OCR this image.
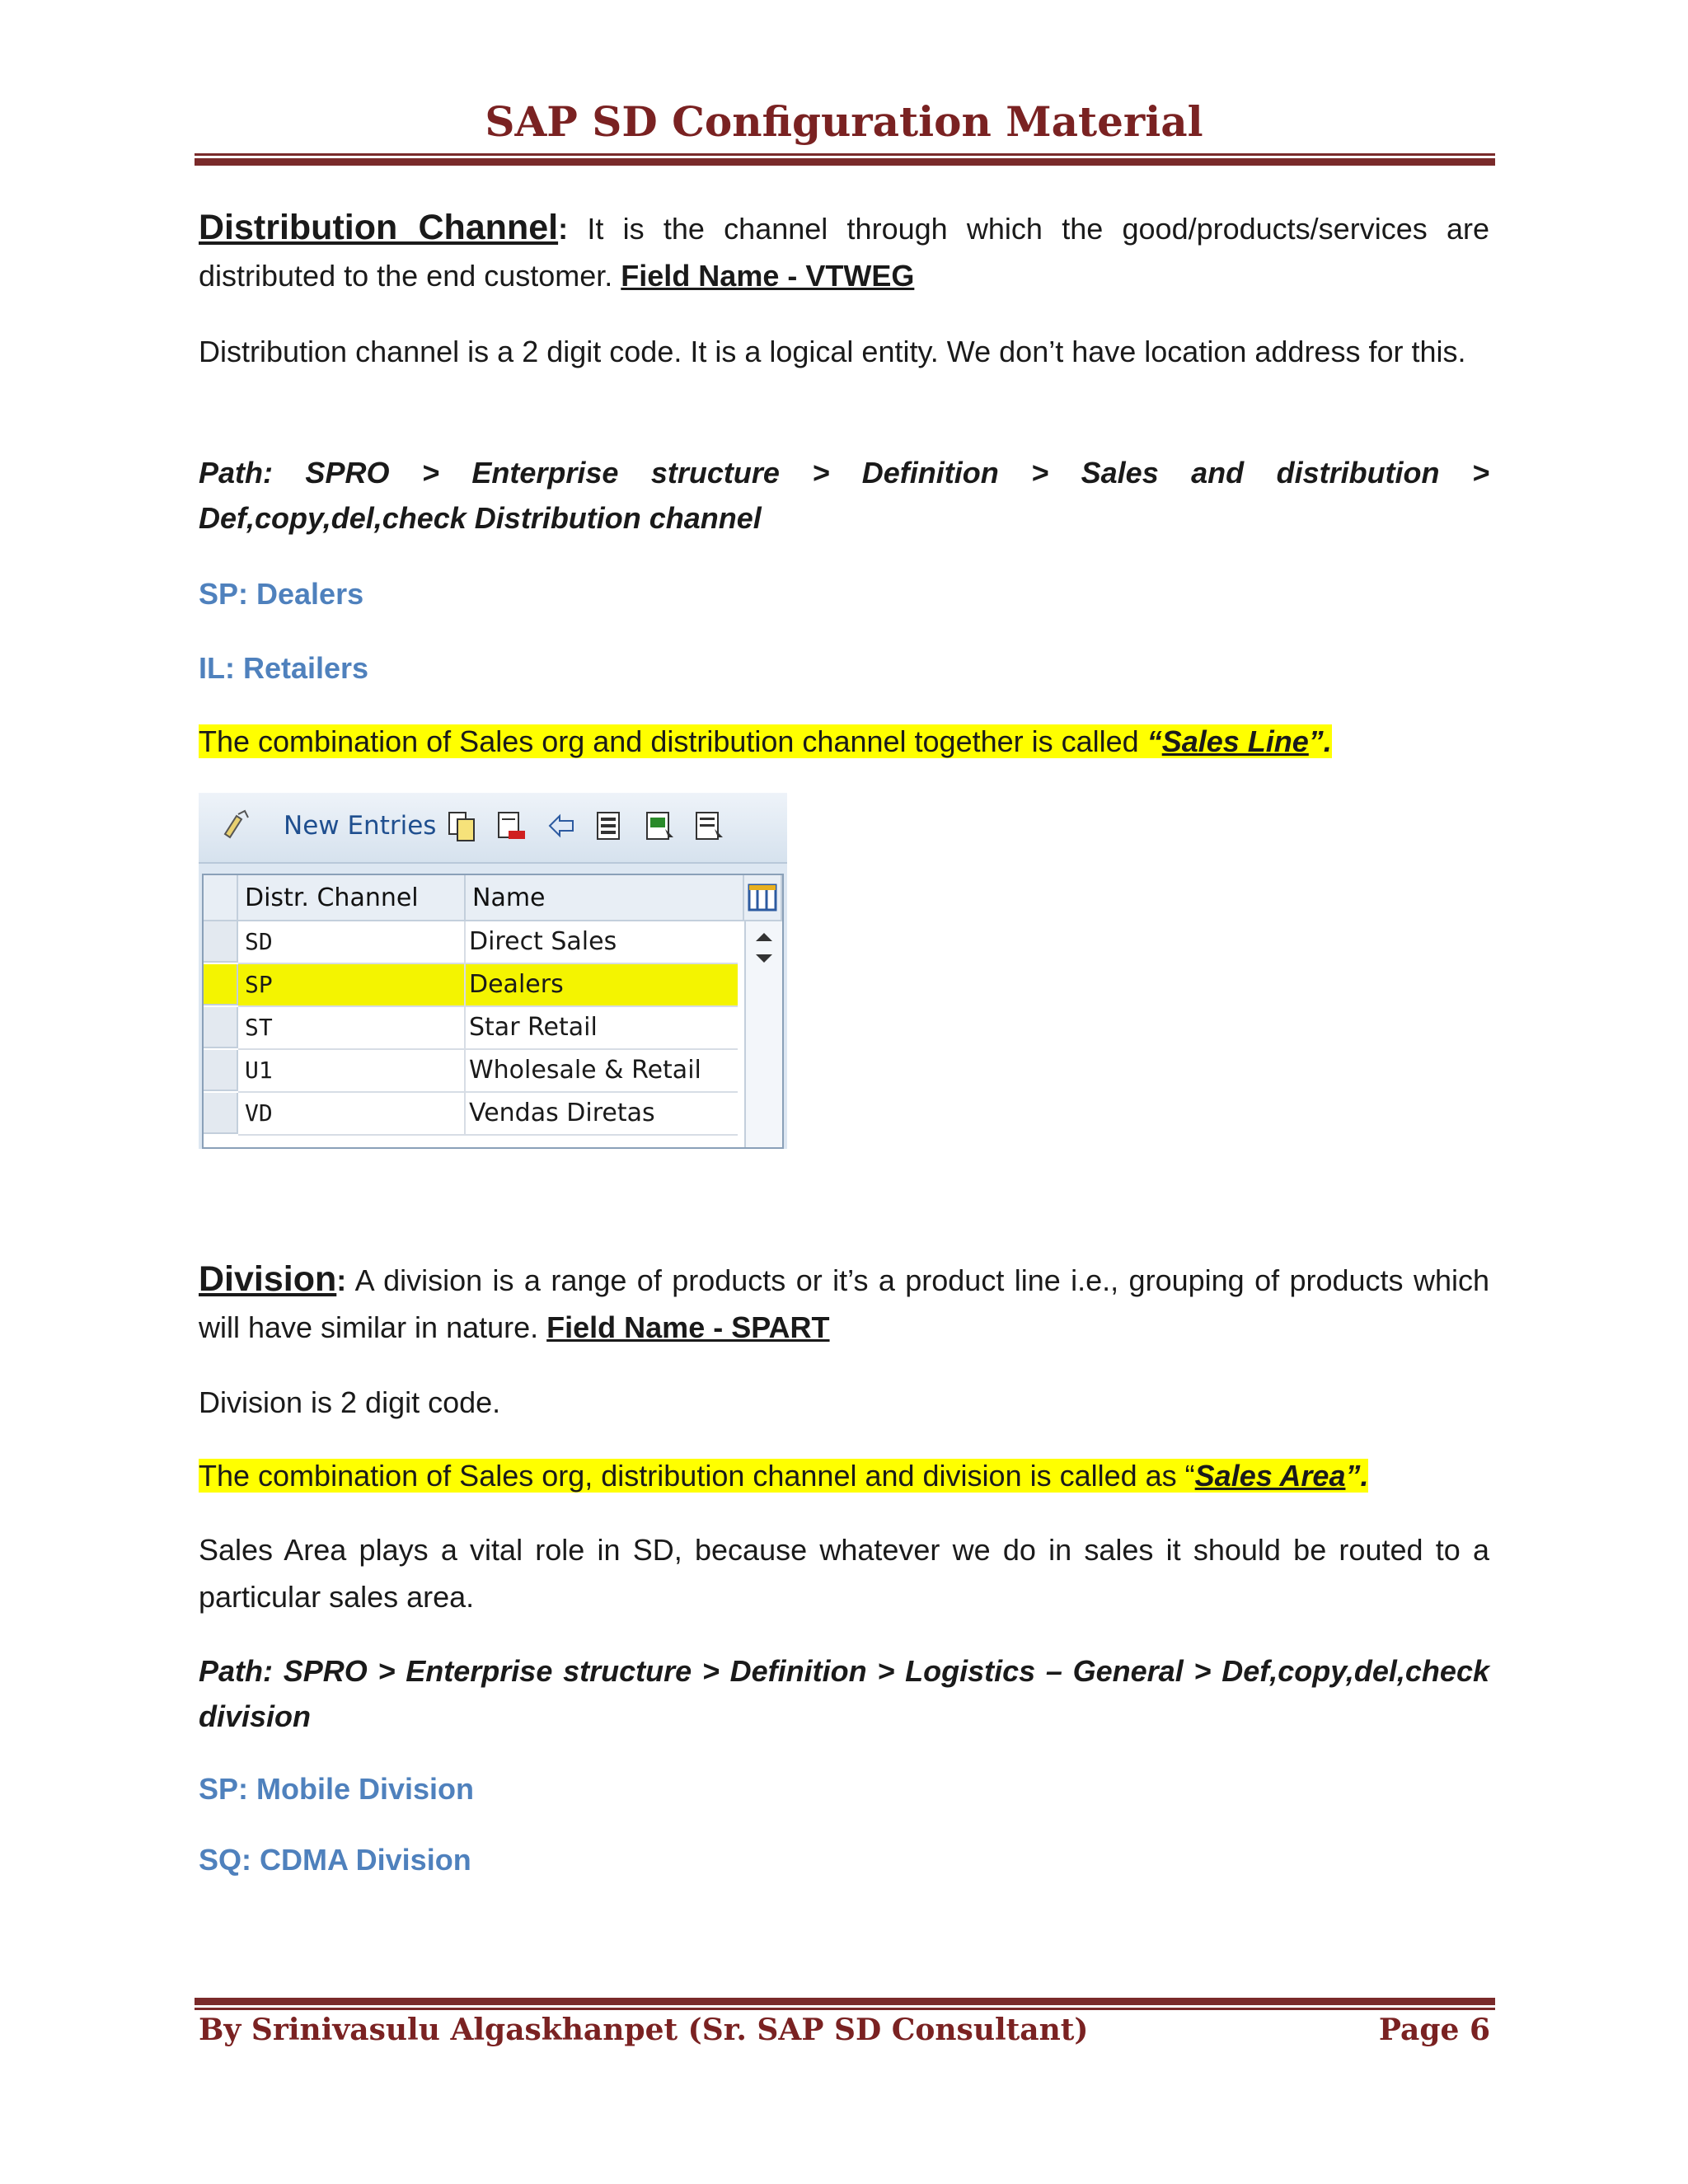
SAP SD Configuration Material
Distribution Channel: It is the channel through which the good/products/services are distributed to the end customer. Field Name - VTWEG
Distribution channel is a 2 digit code. It is a logical entity. We don’t have location address for this.
Path: SPRO > Enterprise structure > Definition > Sales and distribution > Def,copy,del,check Distribution channel
SP: Dealers
IL: Retailers
The combination of Sales org and distribution channel together is called “Sales Line”.
New Entries
Distr. Channel	Name
SD	Direct Sales
SP	Dealers
ST	Star Retail
U1	Wholesale & Retail
VD	Vendas Diretas
Division: A division is a range of products or it’s a product line i.e., grouping of products which will have similar in nature. Field Name - SPART
Division is 2 digit code.
The combination of Sales org, distribution channel and division is called as “Sales Area”.
Sales Area plays a vital role in SD, because whatever we do in sales it should be routed to a particular sales area.
Path: SPRO > Enterprise structure > Definition > Logistics – General > Def,copy,del,check division
SP: Mobile Division
SQ: CDMA Division
By Srinivasulu Algaskhanpet (Sr. SAP SD Consultant)	Page 6
